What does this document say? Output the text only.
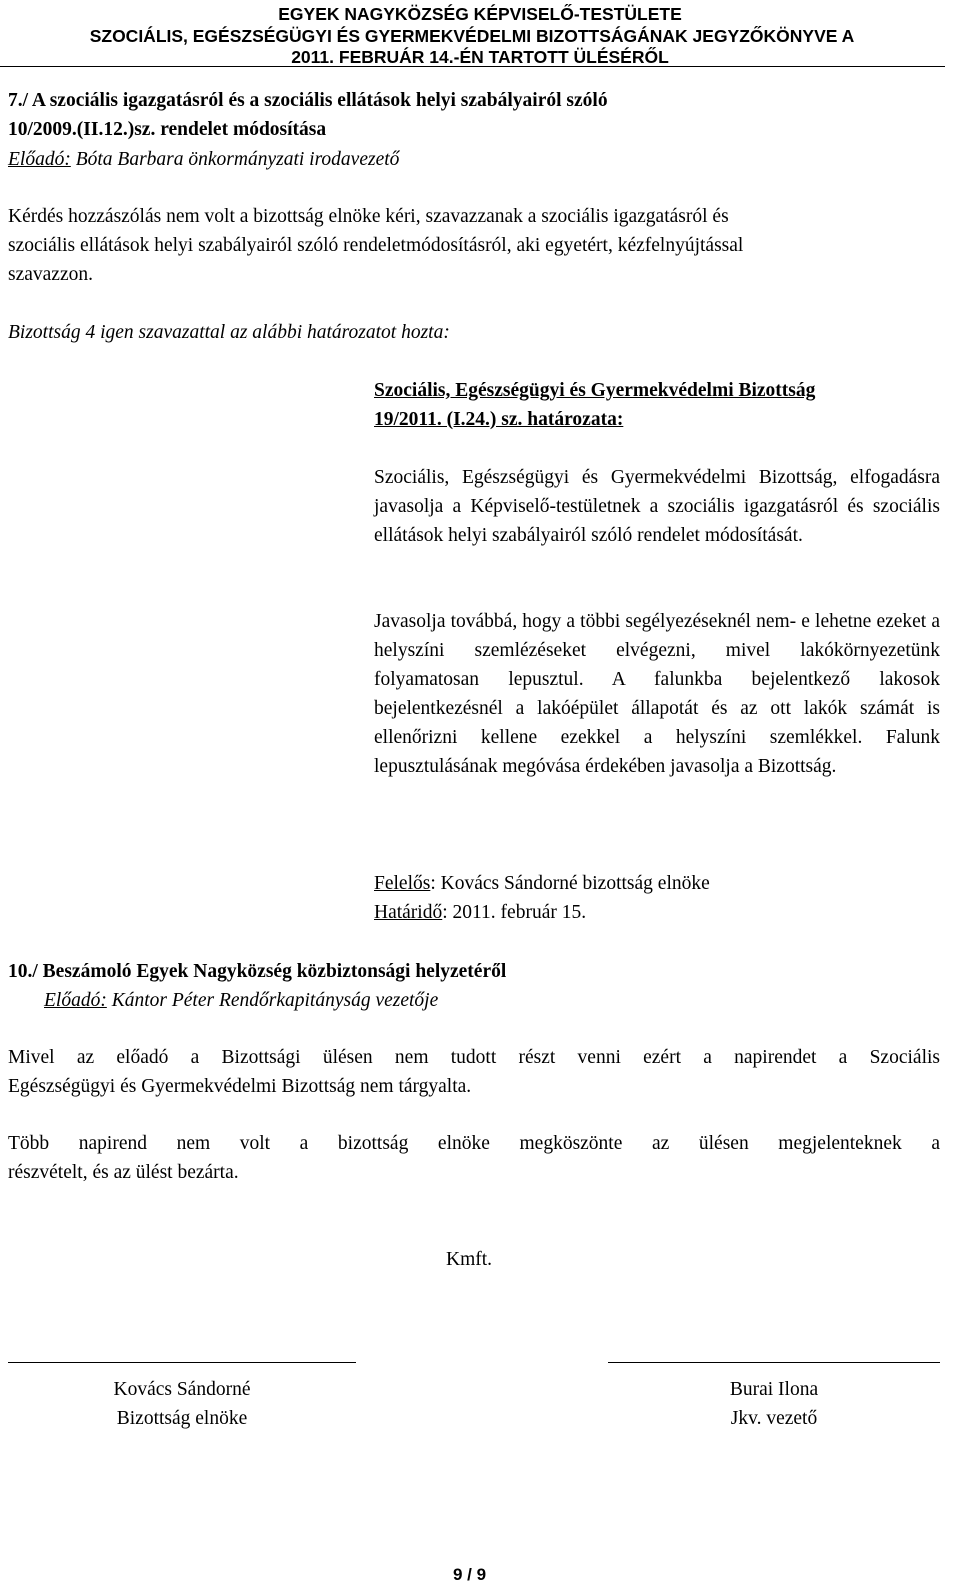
EGYEK NAGYKÖZSÉG KÉPVISELŐ-TESTÜLETE
SZOCIÁLIS, EGÉSZSÉGÜGYI ÉS GYERMEKVÉDELMI BIZOTTSÁGÁNAK JEGYZŐKÖNYVE A
2011. FEBRUÁR 14.-ÉN TARTOTT ÜLÉSÉRŐL
7./ A szociális igazgatásról és a szociális ellátások helyi szabályairól szóló
10/2009.(II.12.)sz. rendelet módosítása
Előadó: Bóta Barbara önkormányzati irodavezető
Kérdés hozzászólás nem volt a bizottság elnöke kéri, szavazzanak a szociális igazgatásról és
szociális ellátások helyi szabályairól szóló rendeletmódosításról, aki egyetért, kézfelnyújtással
szavazzon.
Bizottság 4 igen szavazattal az alábbi határozatot hozta:
Szociális, Egészségügyi és Gyermekvédelmi Bizottság
19/2011. (I.24.) sz. határozata:
Szociális, Egészségügyi és Gyermekvédelmi Bizottság, elfogadásra javasolja a Képviselő-testületnek a szociális igazgatásról és szociális ellátások helyi szabályairól szóló rendelet módosítását.
Javasolja továbbá, hogy a többi segélyezéseknél nem- e lehetne ezeket a helyszíni szemlézéseket elvégezni, mivel lakókörnyezetünk folyamatosan lepusztul. A falunkba bejelentkező lakosok bejelentkezésnél a lakóépület állapotát és az ott lakók számát is ellenőrizni kellene ezekkel a helyszíni szemlékkel. Falunk lepusztulásának megóvása érdekében javasolja a Bizottság.
Felelős: Kovács Sándorné bizottság elnöke
Határidő: 2011. február 15.
10./ Beszámoló Egyek Nagyközség közbiztonsági helyzetéről
Előadó: Kántor Péter Rendőrkapitányság vezetője
Mivel az előadó a Bizottsági ülésen nem tudott részt venni ezért a napirendet a Szociális
Egészségügyi és Gyermekvédelmi Bizottság nem tárgyalta.
Több napirend nem volt a bizottság elnöke megköszönte az ülésen megjelenteknek a
részvételt, és az ülést bezárta.
Kmft.
Kovács Sándorné
Bizottság elnöke
Burai Ilona
Jkv. vezető
9 / 9
